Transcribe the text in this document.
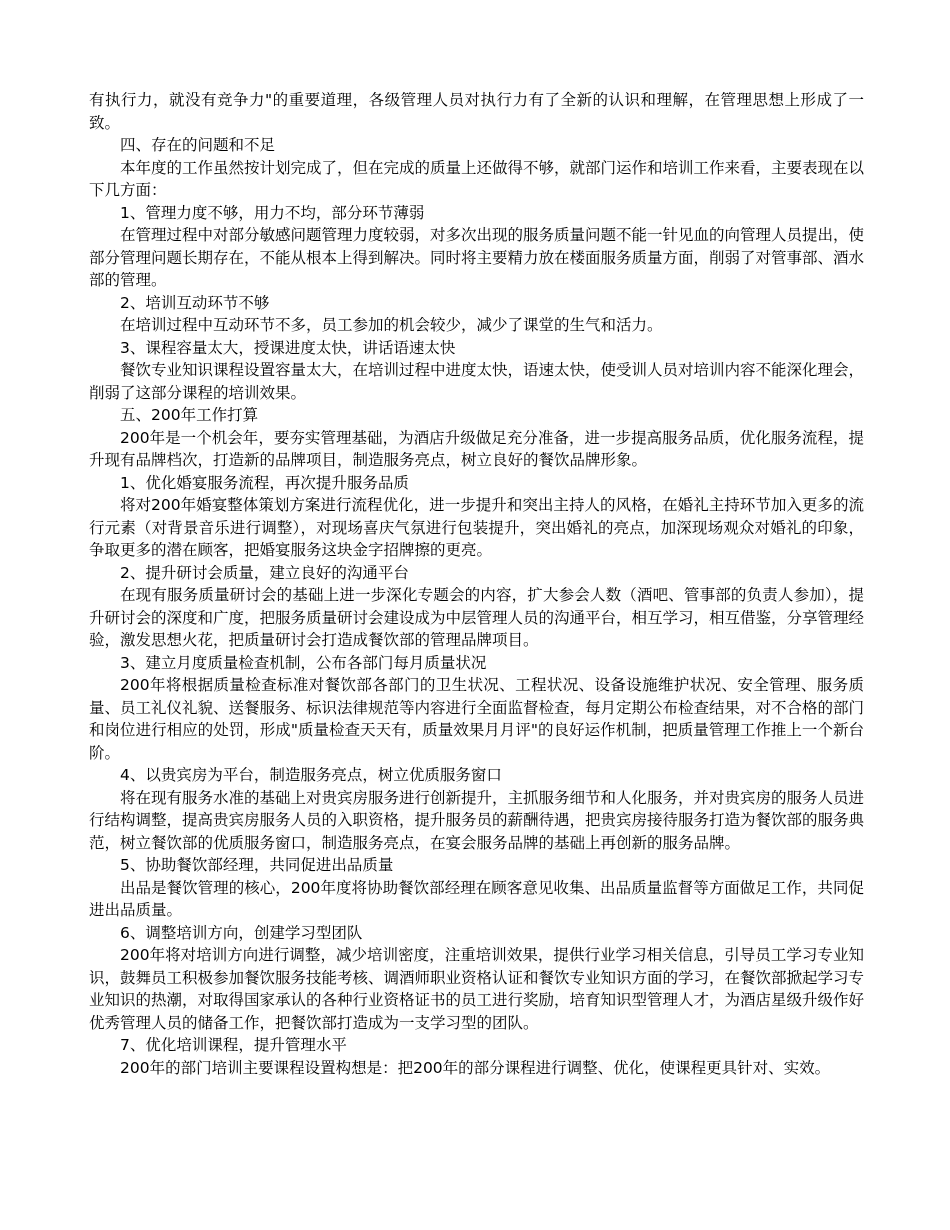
有执行力，就没有竞争力"的重要道理，各级管理人员对执行力有了全新的认识和理解，在管理思想上形成了一致。

四、存在的问题和不足

本年度的工作虽然按计划完成了，但在完成的质量上还做得不够，就部门运作和培训工作来看，主要表现在以下几方面：

1、管理力度不够，用力不均，部分环节薄弱

在管理过程中对部分敏感问题管理力度较弱，对多次出现的服务质量问题不能一针见血的向管理人员提出，使部分管理问题长期存在，不能从根本上得到解决。同时将主要精力放在楼面服务质量方面，削弱了对管事部、酒水部的管理。

2、培训互动环节不够

在培训过程中互动环节不多，员工参加的机会较少，减少了课堂的生气和活力。

3、课程容量太大，授课进度太快，讲话语速太快

餐饮专业知识课程设置容量太大，在培训过程中进度太快，语速太快，使受训人员对培训内容不能深化理会，削弱了这部分课程的培训效果。

五、200年工作打算

200年是一个机会年，要夯实管理基础，为酒店升级做足充分准备，进一步提高服务品质，优化服务流程，提升现有品牌档次，打造新的品牌项目，制造服务亮点，树立良好的餐饮品牌形象。

1、优化婚宴服务流程，再次提升服务品质

将对200年婚宴整体策划方案进行流程优化，进一步提升和突出主持人的风格，在婚礼主持环节加入更多的流行元素（对背景音乐进行调整），对现场喜庆气氛进行包装提升，突出婚礼的亮点，加深现场观众对婚礼的印象，争取更多的潜在顾客，把婚宴服务这块金字招牌擦的更亮。

2、提升研讨会质量，建立良好的沟通平台

在现有服务质量研讨会的基础上进一步深化专题会的内容，扩大参会人数（酒吧、管事部的负责人参加），提升研讨会的深度和广度，把服务质量研讨会建设成为中层管理人员的沟通平台，相互学习，相互借鉴，分享管理经验，激发思想火花，把质量研讨会打造成餐饮部的管理品牌项目。

3、建立月度质量检查机制，公布各部门每月质量状况

200年将根据质量检查标准对餐饮部各部门的卫生状况、工程状况、设备设施维护状况、安全管理、服务质量、员工礼仪礼貌、送餐服务、标识法律规范等内容进行全面监督检查，每月定期公布检查结果，对不合格的部门和岗位进行相应的处罚，形成"质量检查天天有，质量效果月月评"的良好运作机制，把质量管理工作推上一个新台阶。

4、以贵宾房为平台，制造服务亮点，树立优质服务窗口

将在现有服务水准的基础上对贵宾房服务进行创新提升，主抓服务细节和人化服务，并对贵宾房的服务人员进行结构调整，提高贵宾房服务人员的入职资格，提升服务员的薪酬待遇，把贵宾房接待服务打造为餐饮部的服务典范，树立餐饮部的优质服务窗口，制造服务亮点，在宴会服务品牌的基础上再创新的服务品牌。

5、协助餐饮部经理，共同促进出品质量

出品是餐饮管理的核心，200年度将协助餐饮部经理在顾客意见收集、出品质量监督等方面做足工作，共同促进出品质量。

6、调整培训方向，创建学习型团队

200年将对培训方向进行调整，减少培训密度，注重培训效果，提供行业学习相关信息，引导员工学习专业知识，鼓舞员工积极参加餐饮服务技能考核、调酒师职业资格认证和餐饮专业知识方面的学习，在餐饮部掀起学习专业知识的热潮，对取得国家承认的各种行业资格证书的员工进行奖励，培育知识型管理人才，为酒店星级升级作好优秀管理人员的储备工作，把餐饮部打造成为一支学习型的团队。

7、优化培训课程，提升管理水平

200年的部门培训主要课程设置构想是：把200年的部分课程进行调整、优化，使课程更具针对、实效。
